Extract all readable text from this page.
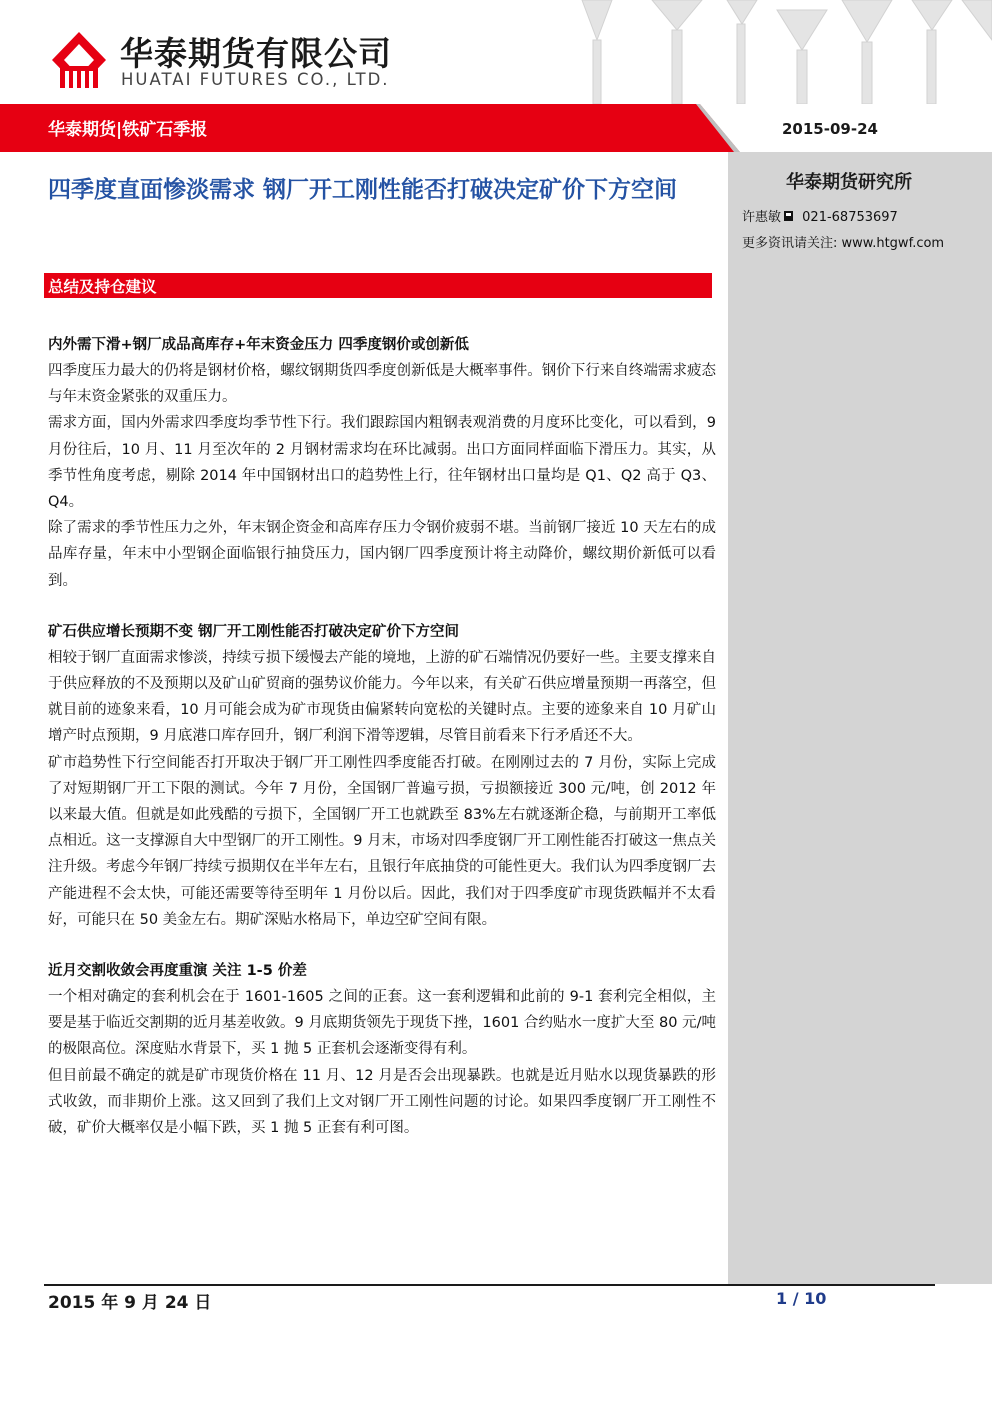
华泰期货有限公司
HUATAI FUTURES CO., LTD.
华泰期货|铁矿石季报	2015-09-24
华泰期货研究所
许惠敏 021-68753697
更多资讯请关注: www.htgwf.com
四季度直面惨淡需求 钢厂开工刚性能否打破决定矿价下方空间
总结及持仓建议
内外需下滑+钢厂成品高库存+年末资金压力 四季度钢价或创新低

四季度压力最大的仍将是钢材价格，螺纹钢期货四季度创新低是大概率事件。钢价下行来自终端需求疲态与年末资金紧张的双重压力。

需求方面，国内外需求四季度均季节性下行。我们跟踪国内粗钢表观消费的月度环比变化，可以看到，9 月份往后，10 月、11 月至次年的 2 月钢材需求均在环比减弱。出口方面同样面临下滑压力。其实，从季节性角度考虑，剔除 2014 年中国钢材出口的趋势性上行，往年钢材出口量均是 Q1、Q2 高于 Q3、Q4。

除了需求的季节性压力之外，年末钢企资金和高库存压力令钢价疲弱不堪。当前钢厂接近 10 天左右的成品库存量，年末中小型钢企面临银行抽贷压力，国内钢厂四季度预计将主动降价，螺纹期价新低可以看到。

矿石供应增长预期不变 钢厂开工刚性能否打破决定矿价下方空间

相较于钢厂直面需求惨淡，持续亏损下缓慢去产能的境地，上游的矿石端情况仍要好一些。主要支撑来自于供应释放的不及预期以及矿山矿贸商的强势议价能力。今年以来，有关矿石供应增量预期一再落空，但就目前的迹象来看，10 月可能会成为矿市现货由偏紧转向宽松的关键时点。主要的迹象来自 10 月矿山增产时点预期，9 月底港口库存回升，钢厂利润下滑等逻辑，尽管目前看来下行矛盾还不大。

矿市趋势性下行空间能否打开取决于钢厂开工刚性四季度能否打破。在刚刚过去的 7 月份，实际上完成了对短期钢厂开工下限的测试。今年 7 月份，全国钢厂普遍亏损，亏损额接近 300 元/吨，创 2012 年以来最大值。但就是如此残酷的亏损下，全国钢厂开工也就跌至 83%左右就逐渐企稳，与前期开工率低点相近。这一支撑源自大中型钢厂的开工刚性。9 月末，市场对四季度钢厂开工刚性能否打破这一焦点关注升级。考虑今年钢厂持续亏损期仅在半年左右，且银行年底抽贷的可能性更大。我们认为四季度钢厂去产能进程不会太快，可能还需要等待至明年 1 月份以后。因此，我们对于四季度矿市现货跌幅并不太看好，可能只在 50 美金左右。期矿深贴水格局下，单边空矿空间有限。

近月交割收敛会再度重演 关注 1-5 价差

一个相对确定的套利机会在于 1601-1605 之间的正套。这一套利逻辑和此前的 9-1 套利完全相似，主要是基于临近交割期的近月基差收敛。9 月底期货领先于现货下挫，1601 合约贴水一度扩大至 80 元/吨的极限高位。深度贴水背景下，买 1 抛 5 正套机会逐渐变得有利。

但目前最不确定的就是矿市现货价格在 11 月、12 月是否会出现暴跌。也就是近月贴水以现货暴跌的形式收敛，而非期价上涨。这又回到了我们上文对钢厂开工刚性问题的讨论。如果四季度钢厂开工刚性不破，矿价大概率仅是小幅下跌，买 1 抛 5 正套有利可图。

2015 年 9 月 24 日	1 / 10
